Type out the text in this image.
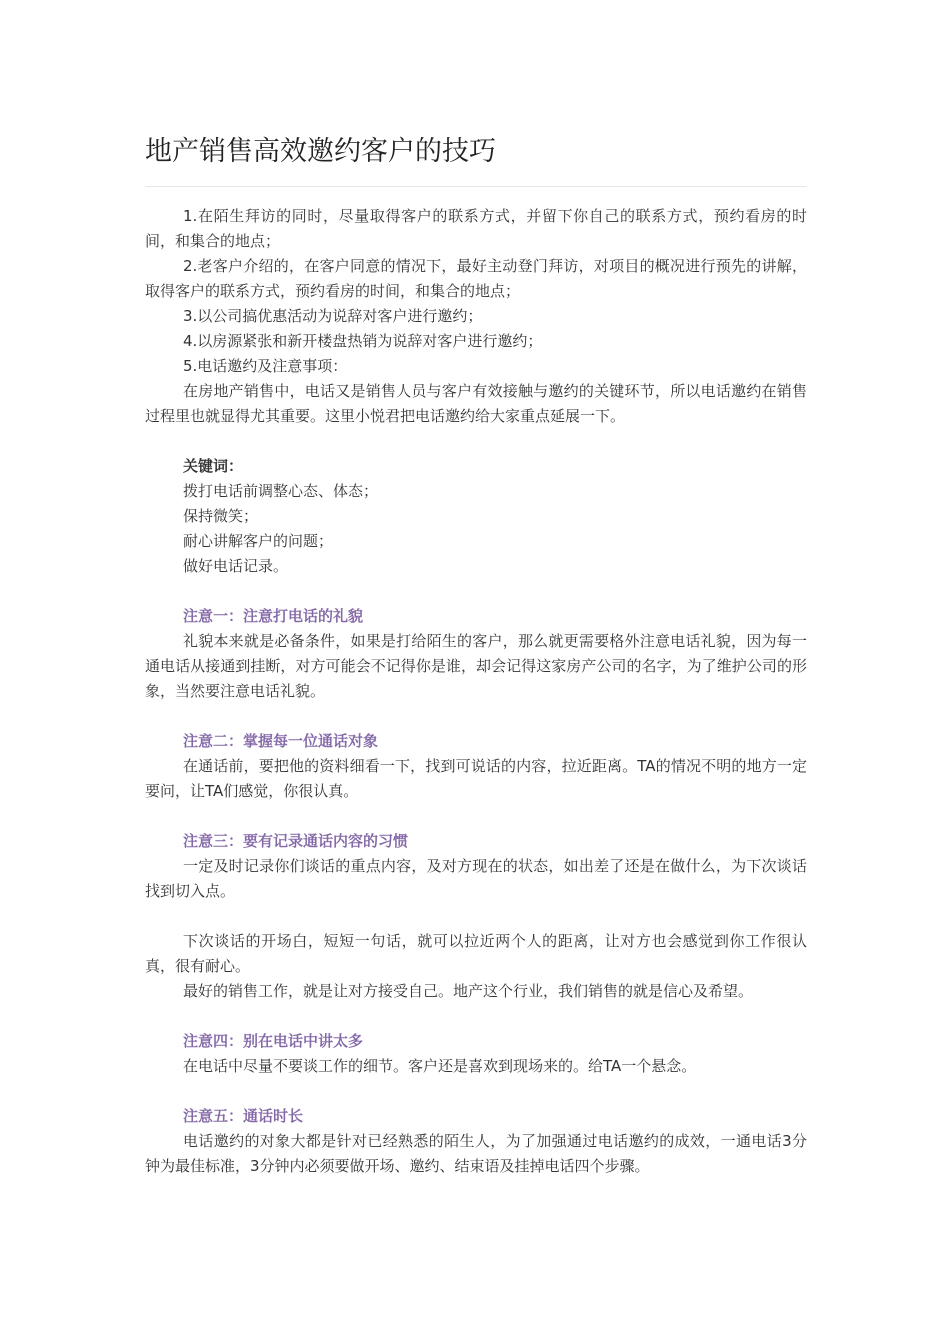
地产销售高效邀约客户的技巧

1.在陌生拜访的同时，尽量取得客户的联系方式，并留下你自己的联系方式，预约看房的时间，和集合的地点；

2.老客户介绍的，在客户同意的情况下，最好主动登门拜访，对项目的概况进行预先的讲解，取得客户的联系方式，预约看房的时间，和集合的地点；

3.以公司搞优惠活动为说辞对客户进行邀约；

4.以房源紧张和新开楼盘热销为说辞对客户进行邀约；

5.电话邀约及注意事项：

在房地产销售中，电话又是销售人员与客户有效接触与邀约的关键环节，所以电话邀约在销售过程里也就显得尤其重要。这里小悦君把电话邀约给大家重点延展一下。

关键词：

拨打电话前调整心态、体态；

保持微笑；

耐心讲解客户的问题；

做好电话记录。

注意一：注意打电话的礼貌

礼貌本来就是必备条件，如果是打给陌生的客户，那么就更需要格外注意电话礼貌，因为每一通电话从接通到挂断，对方可能会不记得你是谁，却会记得这家房产公司的名字，为了维护公司的形象，当然要注意电话礼貌。

注意二：掌握每一位通话对象

在通话前，要把他的资料细看一下，找到可说话的内容，拉近距离。TA的情况不明的地方一定要问，让TA们感觉，你很认真。

注意三：要有记录通话内容的习惯

一定及时记录你们谈话的重点内容，及对方现在的状态，如出差了还是在做什么，为下次谈话找到切入点。

下次谈话的开场白，短短一句话，就可以拉近两个人的距离，让对方也会感觉到你工作很认真，很有耐心。

最好的销售工作，就是让对方接受自己。地产这个行业，我们销售的就是信心及希望。

注意四：别在电话中讲太多

在电话中尽量不要谈工作的细节。客户还是喜欢到现场来的。给TA一个悬念。

注意五：通话时长

电话邀约的对象大都是针对已经熟悉的陌生人，为了加强通过电话邀约的成效，一通电话3分钟为最佳标准，3分钟内必须要做开场、邀约、结束语及挂掉电话四个步骤。
